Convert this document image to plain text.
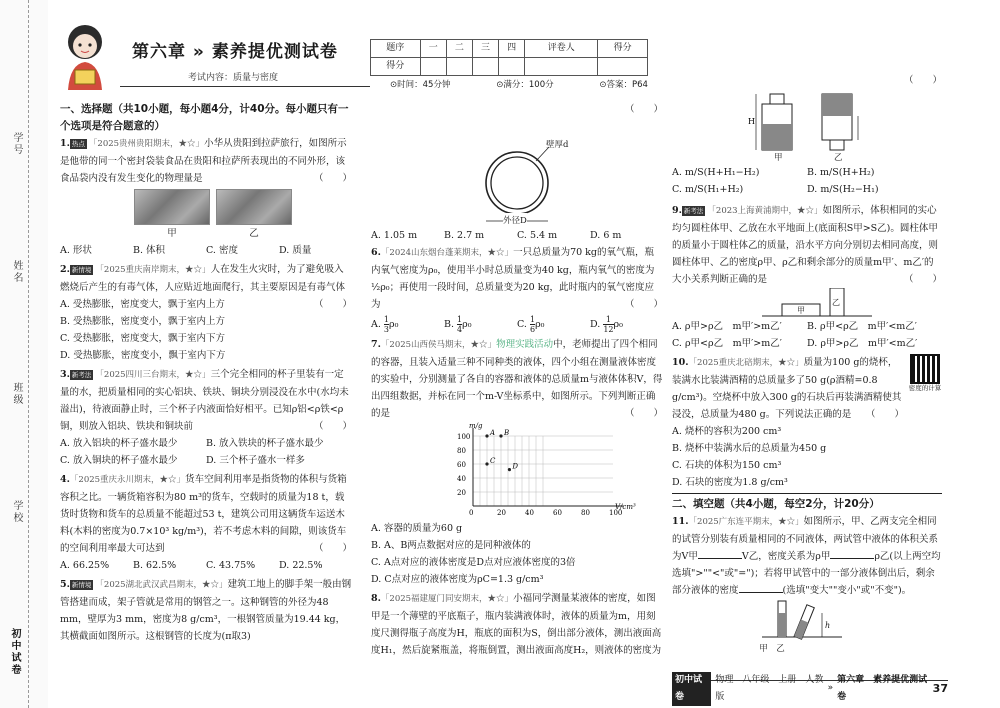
学号
姓名
班级
学校
初中试卷
第六章 » 素养提优测试卷
考试内容：质量与密度
题序	一	二	三	四	评卷人	得分
得分						
⊙时间：45分钟	⊙满分：100分	⊙答案：P64
一、选择题（共10小题，每小题4分，计40分。每小题只有一个选项是符合题意的）
1. 热点 「2025贵州贵阳期末，★☆」小华从贵阳到拉萨旅行，如图所示是他带的同一个密封袋装食品在贵阳和拉萨所表现出的不同外形，该食品袋内没有发生变化的物理量是	（　　）
甲	乙
A. 形状	B. 体积	C. 密度	D. 质量
2. 新情境 「2025重庆南岸期末，★☆」人在发生火灾时，为了避免吸入燃烧后产生的有毒气体，人应贴近地面爬行，其主要原因是有毒气体
（　　）
A. 受热膨胀，密度变大，飘于室内上方
B. 受热膨胀，密度变小，飘于室内上方
C. 受热膨胀，密度变大，飘于室内下方
D. 受热膨胀，密度变小，飘于室内下方
3. 新考法 「2025四川三台期末，★☆」三个完全相同的杯子里装有一定量的水，把质量相同的实心铝块、铁块、铜块分别浸没在水中(水均未溢出)，待液面静止时，三个杯子内液面恰好相平。已知ρ铝<ρ铁<ρ铜，则放入铝块、铁块和铜块前	（　　）
A. 放入铝块的杯子盛水最少	B. 放入铁块的杯子盛水最少
C. 放入铜块的杯子盛水最少	D. 三个杯子盛水一样多
4.「2025重庆永川期末，★☆」货车空间利用率是指货物的体积与货箱容积之比。一辆货箱容积为80 m³的货车，空载时的质量为18 t，载货时货物和货车的总质量不能超过53 t，建筑公司用这辆货车运送木料(木料的密度为0.7×10³ kg/m³)，若不考虑木料的间隙，则该货车的空间利用率最大可达到	（　　）
A. 66.25%	B. 62.5%	C. 43.75%	D. 22.5%
5. 新情境 「2025湖北武汉武昌期末，★☆」建筑工地上的脚手架一般由钢管搭建而成，架子管就是常用的钢管之一。这种钢管的外径为48 mm，壁厚为3 mm，密度为8 g/cm³，一根钢管质量为19.44 kg，其横截面如图所示。这根钢管的长度为(π取3)
（　　）
壁厚d
外径D
A. 1.05 m	B. 2.7 m	C. 5.4 m	D. 6 m
6.「2024山东烟台蓬莱期末，★☆」一只总质量为70 kg的氧气瓶，瓶内氧气密度为ρ₀，使用半小时总质量变为40 kg，瓶内氧气的密度为½ρ₀；再使用一段时间，总质量变为20 kg，此时瓶内的氧气密度应为	（　　）
A. $\frac{1}{3}\rho_0$	B. $\frac{1}{4}\rho_0$	C. $\frac{1}{6}\rho_0$	D. $\frac{1}{12}\rho_0$
7.「2025山西侯马期末，★☆」物理实践活动中，老师提出了四个相同的容器，且装入适量三种不同种类的液体，四个小组在测量液体密度的实验中，分别测量了各自的容器和液体的总质量m与液体体积V，得出四组数据，并标在同一个m-V坐标系中，如图所示。下列判断正确的是	（　　）
100
80
60
40
20
0	20	40	60	80	100
m/g
V/cm³
A B
C
D
A. 容器的质量为60 g
B. A、B两点数据对应的是同种液体的
C. A点对应的液体密度是D点对应液体密度的3倍
D. C点对应的液体密度为ρC=1.3 g/cm³
8.「2025福建厦门同安期末，★☆」小福同学测量某液体的密度，如图甲是一个薄壁的平底瓶子，瓶内装满液体时，液体的质量为m，用刻度尺测得瓶子高度为H，瓶底的面积为S，倒出部分液体，测出液面高度H₁，然后旋紧瓶盖，将瓶倒置，测出液面高度H₂，则液体的密度为
（　　）
H
甲	乙
A. m/S(H+H₁−H₂)	B. m/S(H+H₂)
C. m/S(H₁+H₂)	D. m/S(H₂−H₁)
9. 新考法 「2023上海黄浦期中，★☆」如图所示，体积相同的实心均匀圆柱体甲、乙放在水平地面上(底面积S甲>S乙)。圆柱体甲的质量小于圆柱体乙的质量，沿水平方向分别切去相同高度，则圆柱体甲、乙的密度ρ甲、ρ乙和剩余部分的质量m甲′、m乙′的大小关系判断正确的是	（　　）
甲
乙
A. ρ甲>ρ乙　m甲′>m乙′	B. ρ甲<ρ乙　m甲′<m乙′
C. ρ甲<ρ乙　m甲′>m乙′	D. ρ甲>ρ乙　m甲′<m乙′
密度的计算
10.「2025重庆北碚期末，★☆」质量为100 g的烧杯，装满水比装满酒精的总质量多了50 g(ρ酒精=0.8 g/cm³)。空烧杯中放入300 g的石块后再装满酒精使其浸没，总质量为480 g。下列说法正确的是 （　　）
A. 烧杯的容积为200 cm³
B. 烧杯中装满水后的总质量为450 g
C. 石块的体积为150 cm³
D. 石块的密度为1.8 g/cm³
二、填空题（共4小题，每空2分，计20分）
11.「2025广东连平期末，★☆」如图所示，甲、乙两支完全相同的试管分别装有质量相同的不同液体，两试管中液体的体积关系为V甲	V乙，密度关系为ρ甲	ρ乙(以上两空均选填">""<"或"=")；若将甲试管中的一部分液体倒出后，剩余部分液体的密度	(选填"变大""变小"或"不变")。
h
甲　乙
初中试卷
物理　八年级　上册　人教版
»
第六章　素养提优测试卷
37
